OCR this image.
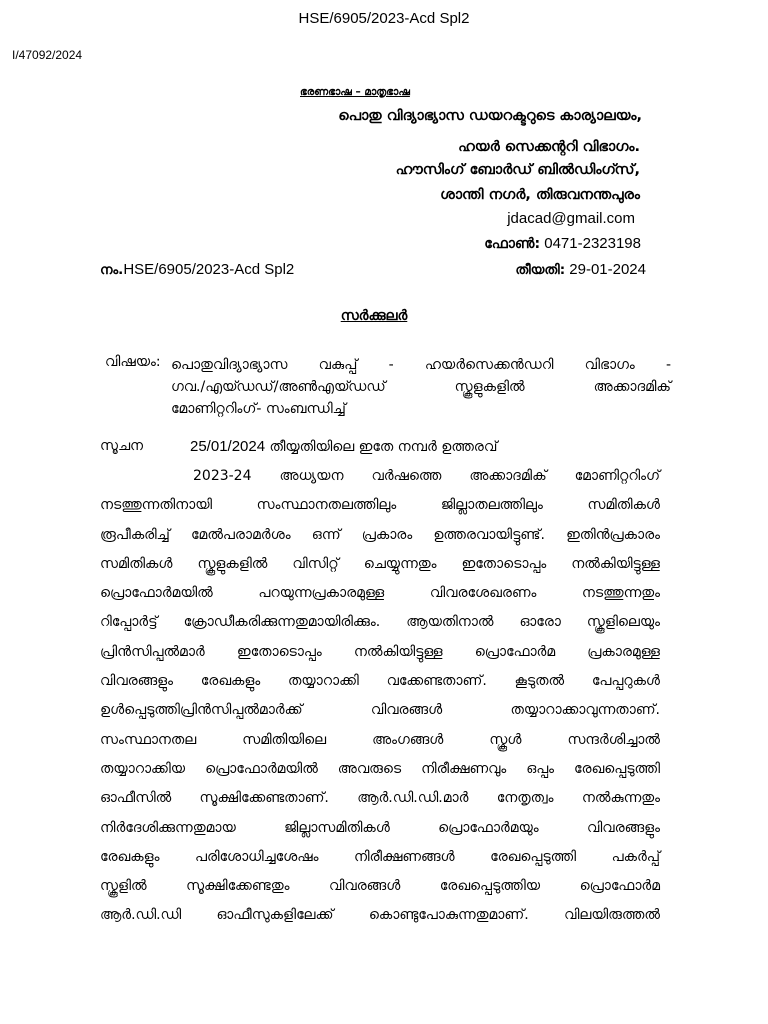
HSE/6905/2023-Acd Spl2
I/47092/2024
ഭരണഭാഷ – മാതൃഭാഷ
പൊതു വിദ്യാഭ്യാസ ഡയറക്ടറുടെ കാര്യാലയം,
ഹയർ സെക്കന്ററി വിഭാഗം.
ഹൗസിംഗ് ബോർഡ് ബിൽഡിംഗ്സ്,
ശാന്തി നഗർ, തിരുവനന്തപുരം
jdacad@gmail.com
ഫോൺ: 0471-2323198
നം.HSE/6905/2023-Acd Spl2	തീയതി: 29-01-2024
സർക്കുലർ
വിഷയം: പൊതുവിദ്യാഭ്യാസ വകുപ്പ് - ഹയർസെക്കൻഡറി വിഭാഗം -
ഗവ./എയ്ഡഡ്/അൺഎയ്ഡഡ് സ്കൂളുകളിൽ അക്കാദമിക്
മോണിറ്ററിംഗ്- സംബന്ധിച്ച്
സൂചന	25/01/2024 തീയ്യതിയിലെ ഇതേ നമ്പർ ഉത്തരവ്
2023-24 അധ്യയന വർഷത്തെ അക്കാദമിക് മോണിറ്ററിംഗ്
നടത്തുന്നതിനായി സംസ്ഥാനതലത്തിലും ജില്ലാതലത്തിലും സമിതികൾ
രൂപീകരിച്ച് മേൽപരാമർശം ഒന്ന് പ്രകാരം ഉത്തരവായിട്ടുണ്ട്. ഇതിൻപ്രകാരം
സമിതികൾ സ്കൂളുകളിൽ വിസിറ്റ് ചെയ്യുന്നതും ഇതോടൊപ്പം നൽകിയിട്ടുള്ള
പ്രൊഫോർമയിൽ പറയുന്നപ്രകാരമുള്ള വിവരശേഖരണം നടത്തുന്നതും
റിപ്പോർട്ട് ക്രോഡീകരിക്കുന്നതുമായിരിക്കും. ആയതിനാൽ ഓരോ സ്കൂളിലെയും
പ്രിൻസിപ്പൽമാർ ഇതോടൊപ്പം നൽകിയിട്ടുള്ള പ്രൊഫോർമ പ്രകാരമുള്ള
വിവരങ്ങളും രേഖകളും തയ്യാറാക്കി വക്കേണ്ടതാണ്. കൂടുതൽ പേപ്പറുകൾ
ഉൾപ്പെടുത്തിപ്രിൻസിപ്പൽമാർക്ക് വിവരങ്ങൾ തയ്യാറാക്കാവുന്നതാണ്.
സംസ്ഥാനതല സമിതിയിലെ അംഗങ്ങൾ സ്കൂൾ സന്ദർശിച്ചാൽ
തയ്യാറാക്കിയ പ്രൊഫോർമയിൽ അവരുടെ നിരീക്ഷണവും ഒപ്പം രേഖപ്പെടുത്തി
ഓഫീസിൽ സൂക്ഷിക്കേണ്ടതാണ്. ആർ.ഡി.ഡി.മാർ നേതൃത്വം നൽകുന്നതും
നിർദേശിക്കുന്നതുമായ ജില്ലാസമിതികൾ പ്രൊഫോർമയും വിവരങ്ങളും
രേഖകളും പരിശോധിച്ചശേഷം നിരീക്ഷണങ്ങൾ രേഖപ്പെടുത്തി പകർപ്പ്
സ്കൂളിൽ സൂക്ഷിക്കേണ്ടതും വിവരങ്ങൾ രേഖപ്പെടുത്തിയ പ്രൊഫോർമ
ആർ.ഡി.ഡി ഓഫീസുകളിലേക്ക് കൊണ്ടുപോകുന്നതുമാണ്. വിലയിരുത്തൽ
